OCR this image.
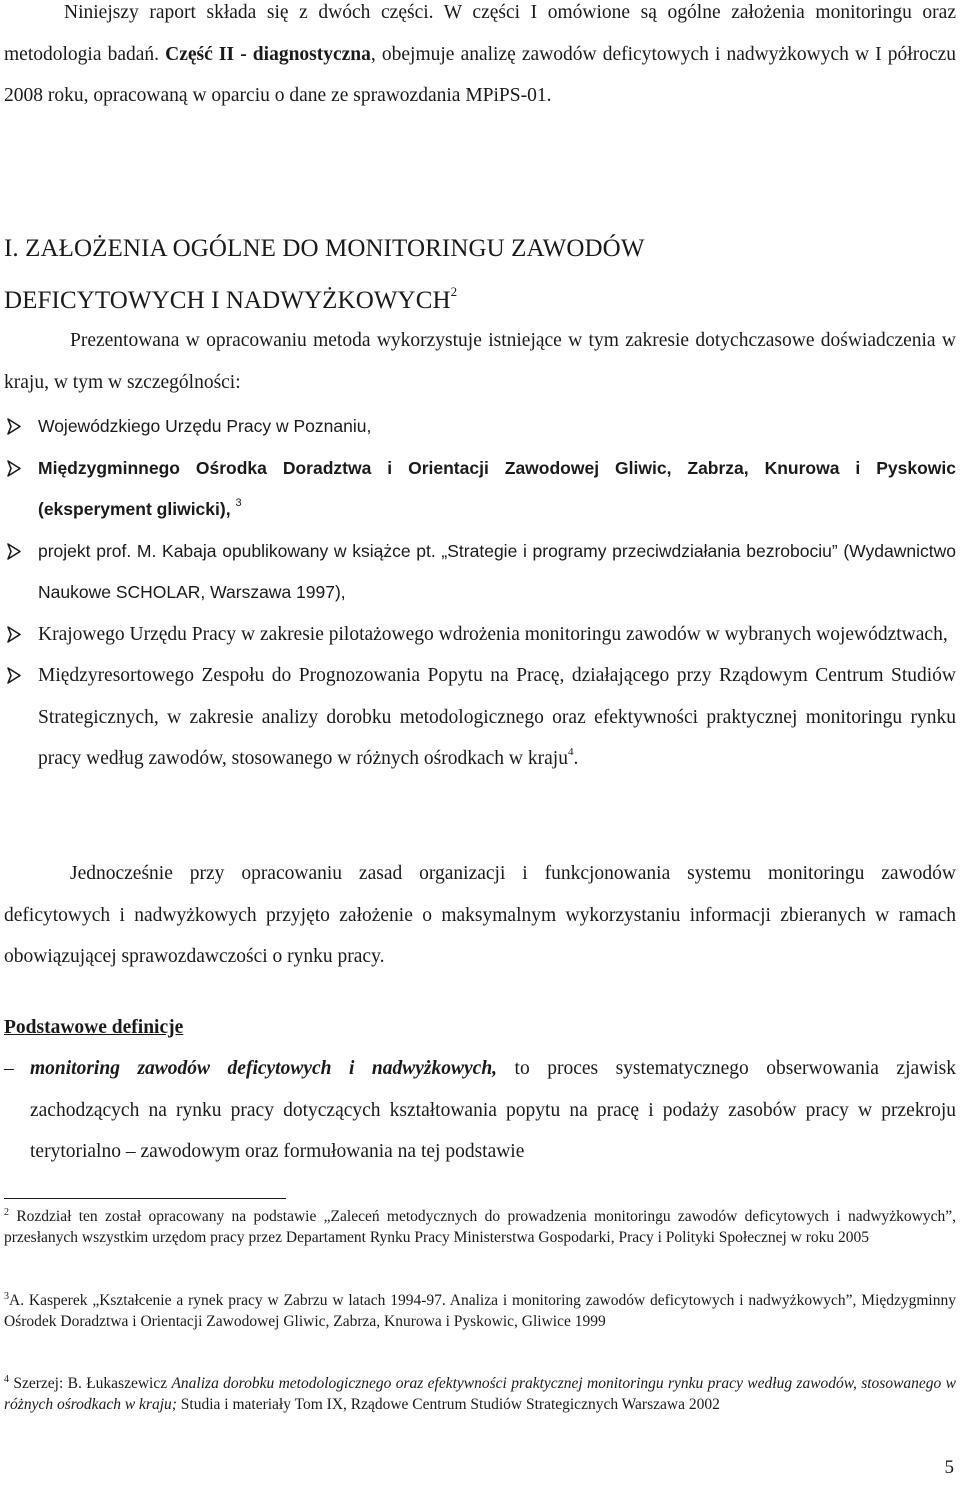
Niniejszy raport składa się z dwóch części. W części I omówione są ogólne założenia monitoringu oraz metodologia badań. Część II - diagnostyczna, obejmuje analizę zawodów deficytowych i nadwyżkowych w I półroczu 2008 roku, opracowaną w oparciu o dane ze sprawozdania MPiPS-01.

I. ZAŁOŻENIA OGÓLNE DO MONITORINGU ZAWODÓW
DEFICYTOWYCH I NADWYŻKOWYCH$^2$

Prezentowana w opracowaniu metoda wykorzystuje istniejące w tym zakresie dotychczasowe doświadczenia w kraju, w tym w szczególności:

Wojewódzkiego Urzędu Pracy w Poznaniu,
Międzygminnego Ośrodka Doradztwa i Orientacji Zawodowej Gliwic, Zabrza, Knurowa i Pyskowic (eksperyment gliwicki), $^3$
projekt prof. M. Kabaja opublikowany w książce pt. „Strategie i programy przeciwdziałania bezrobociu” (Wydawnictwo Naukowe SCHOLAR, Warszawa 1997),
Krajowego Urzędu Pracy w zakresie pilotażowego wdrożenia monitoringu zawodów w wybranych województwach,
Międzyresortowego Zespołu do Prognozowania Popytu na Pracę, działającego przy Rządowym Centrum Studiów Strategicznych, w zakresie analizy dorobku metodologicznego oraz efektywności praktycznej monitoringu rynku pracy według zawodów, stosowanego w różnych ośrodkach w kraju$^4$.

Jednocześnie przy opracowaniu zasad organizacji i funkcjonowania systemu monitoringu zawodów deficytowych i nadwyżkowych przyjęto założenie o maksymalnym wykorzystaniu informacji zbieranych w ramach obowiązującej sprawozdawczości o rynku pracy.

Podstawowe definicje

– monitoring zawodów deficytowych i nadwyżkowych, to proces systematycznego obserwowania zjawisk zachodzących na rynku pracy dotyczących kształtowania popytu na pracę i podaży zasobów pracy w przekroju terytorialno – zawodowym oraz formułowania na tej podstawie

$^2$ Rozdział ten został opracowany na podstawie „Zaleceń metodycznych do prowadzenia monitoringu zawodów deficytowych i nadwyżkowych”, przesłanych wszystkim urzędom pracy przez Departament Rynku Pracy Ministerstwa Gospodarki, Pracy i Polityki Społecznej w roku 2005

$^3$A. Kasperek „Kształcenie a rynek pracy w Zabrzu w latach 1994-97. Analiza i monitoring zawodów deficytowych i nadwyżkowych”, Międzygminny Ośrodek Doradztwa i Orientacji Zawodowej Gliwic, Zabrza, Knurowa i Pyskowic, Gliwice 1999

$^4$ Szerzej: B. Łukaszewicz Analiza dorobku metodologicznego oraz efektywności praktycznej monitoringu rynku pracy według zawodów, stosowanego w różnych ośrodkach w kraju; Studia i materiały Tom IX, Rządowe Centrum Studiów Strategicznych Warszawa 2002

5
